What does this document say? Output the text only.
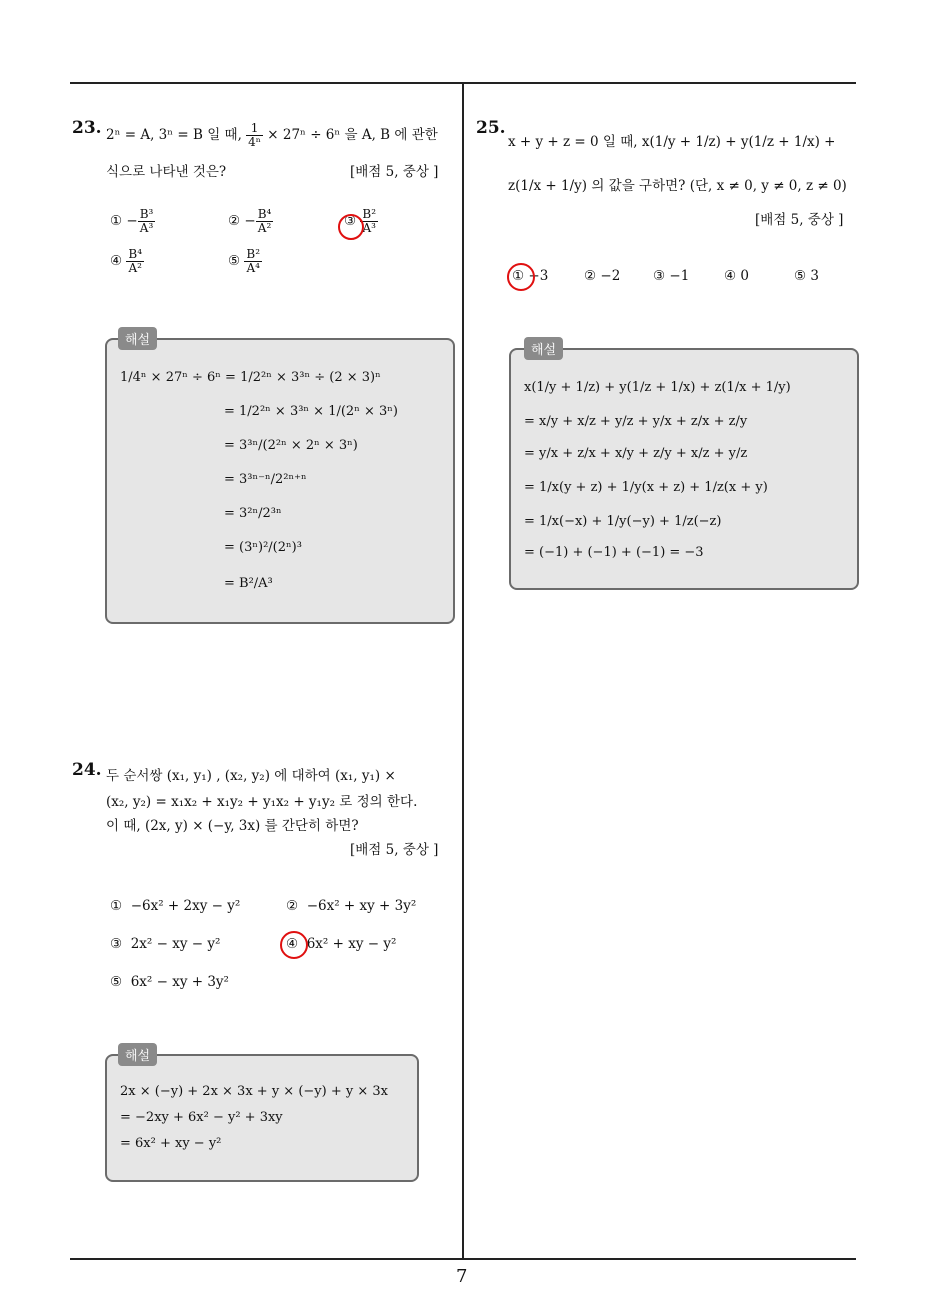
23. 2ⁿ = A, 3ⁿ = B 일 때, $\frac{1}{\text{4ⁿ}} \times 27^n \div 6^n$ 을 A, B 에 관한
식으로 나타낸 것은?	[배점 5, 중상 ]
① − $\frac{\text{B³}}{\text{A³}}$	② − $\frac{\text{B⁴}}{\text{A²}}$	③ $\frac{\text{B²}}{\text{A³}}$
④ $\frac{\text{B⁴}}{\text{A²}}$	⑤ $\frac{\text{B²}}{\text{A⁴}}$
해설
1/4ⁿ × 27ⁿ ÷ 6ⁿ = 1/2²ⁿ × 3³ⁿ ÷ (2 × 3)ⁿ
= 1/2²ⁿ × 3³ⁿ × 1/(2ⁿ × 3ⁿ)
= 3³ⁿ/(2²ⁿ × 2ⁿ × 3ⁿ)
= 3³ⁿ⁻ⁿ/2²ⁿ⁺ⁿ
= 3²ⁿ/2³ⁿ
= (3ⁿ)²/(2ⁿ)³
= B²/A³
24. 두 순서쌍 (x₁, y₁) , (x₂, y₂) 에 대하여 (x₁, y₁) ×
(x₂, y₂) = x₁x₂ + x₁y₂ + y₁x₂ + y₁y₂ 로 정의 한다.
이 때, (2x, y) × (−y, 3x) 를 간단히 하면?
[배점 5, 중상 ]
① −6x² + 2xy − y²	② −6x² + xy + 3y²
③ 2x² − xy − y²	④ 6x² + xy − y²
⑤ 6x² − xy + 3y²
해설
2x × (−y) + 2x × 3x + y × (−y) + y × 3x
= −2xy + 6x² − y² + 3xy
= 6x² + xy − y²
25.
x + y + z = 0 일 때, x(1/y + 1/z) + y(1/z + 1/x) +
z(1/x + 1/y) 의 값을 구하면? (단, x ≠ 0, y ≠ 0, z ≠ 0)
[배점 5, 중상 ]
① −3	② −2 ③ −1	④ 0	⑤ 3
해설
x(1/y + 1/z) + y(1/z + 1/x) + z(1/x + 1/y)
= x/y + x/z + y/z + y/x + z/x + z/y
= y/x + z/x + x/y + z/y + x/z + y/z
= 1/x(y + z) + 1/y(x + z) + 1/z(x + y)
= 1/x(−x) + 1/y(−y) + 1/z(−z)
= (−1) + (−1) + (−1) = −3
7
